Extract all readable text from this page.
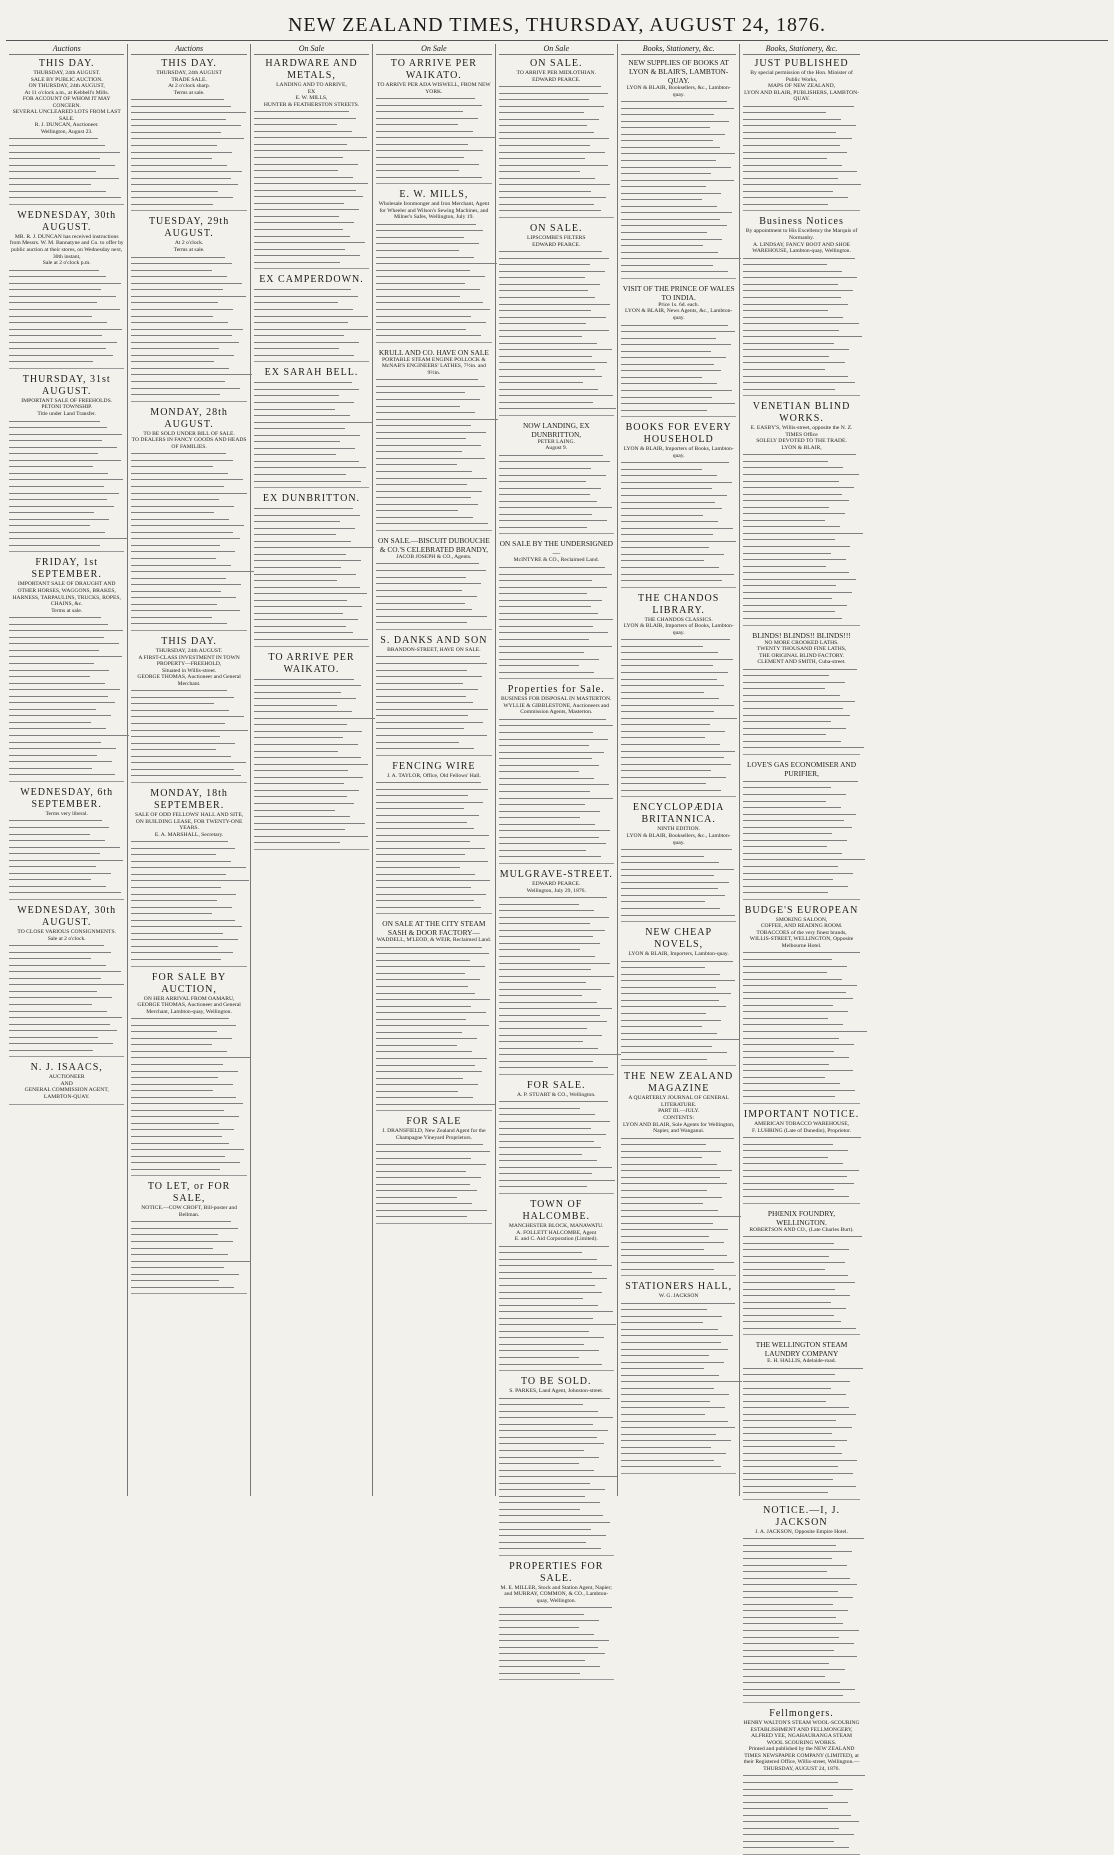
NEW ZEALAND TIMES, THURSDAY, AUGUST 24, 1876.
Auctions
THIS DAY.
THURSDAY, 24th AUGUST.
SALE BY PUBLIC AUCTION.
ON THURSDAY, 24th AUGUST,
At 11 o'clock a.m., at Kebbell's Mills.
FOR ACCOUNT OF WHOM IT MAY CONCERN.
SEVERAL UNCLEARED LOTS FROM LAST SALE.
R. J. DUNCAN, Auctioneer.
Wellington, August 23.
WEDNESDAY, 30th AUGUST.
MR. R. J. DUNCAN has received instructions from Messrs. W. M. Bannatyne and Co. to offer by public auction at their stores, on Wednesday next, 30th instant,
Sale at 2 o'clock p.m.
THURSDAY, 31st AUGUST.
IMPORTANT SALE OF FREEHOLDS.
PETONI TOWNSHIP.
Title under Land Transfer.
FRIDAY, 1st SEPTEMBER.
IMPORTANT SALE OF DRAUGHT AND OTHER HORSES, WAGGONS, BRAKES, HARNESS, TARPAULINS, TRUCKS, ROPES, CHAINS, &c.
Terms at sale.
WEDNESDAY, 6th SEPTEMBER.
Terms very liberal.
WEDNESDAY, 30th AUGUST.
TO CLOSE VARIOUS CONSIGNMENTS.
Sale at 2 o'clock.
N. J. ISAACS,
AUCTIONEER
AND
GENERAL COMMISSION AGENT,
LAMBTON-QUAY.
Auctions
THIS DAY.
THURSDAY, 24th AUGUST
TRADE SALE.
At 2 o'clock sharp.
Terms at sale.
TUESDAY, 29th AUGUST.
At 2 o'clock.
Terms at sale.
MONDAY, 28th AUGUST.
TO BE SOLD UNDER BILL OF SALE.
TO DEALERS IN FANCY GOODS AND HEADS OF FAMILIES.
THIS DAY.
THURSDAY, 24th AUGUST.
A FIRST-CLASS INVESTMENT IN TOWN PROPERTY—FREEHOLD,
Situated in Willis-street.
GEORGE THOMAS, Auctioneer and General Merchant.
MONDAY, 18th SEPTEMBER.
SALE OF ODD FELLOWS' HALL AND SITE, ON BUILDING LEASE, FOR TWENTY-ONE YEARS.
E. A. MARSHALL, Secretary.
FOR SALE BY AUCTION,
ON HER ARRIVAL FROM OAMARU,
GEORGE THOMAS, Auctioneer and General Merchant, Lambton-quay, Wellington.
TO LET, or FOR SALE,
NOTICE.—COW CROFT, Bill-poster and Bellman.
On Sale
HARDWARE AND METALS,
LANDING AND TO ARRIVE,
EX
E. W. MILLS,
HUNTER & FEATHERSTON STREETS.
EX CAMPERDOWN.
EX SARAH BELL.
EX DUNBRITTON.
TO ARRIVE PER WAIKATO.
On Sale
TO ARRIVE PER WAIKATO.
TO ARRIVE PER ADA WISWELL, FROM NEW YORK.
E. W. MILLS,
Wholesale Ironmonger and Iron Merchant, Agent for Wheeler and Wilson's Sewing Machines, and Milner's Safes, Wellington, July 19.
KRULL AND CO. HAVE ON SALE
PORTABLE STEAM ENGINE POLLOCK & McNAB'S ENGINEERS' LATHES, 7½in. and 9½in.
ON SALE.—BISCUIT DUBOUCHE & CO.'S CELEBRATED BRANDY,
JACOB JOSEPH & CO., Agents.
S. DANKS AND SON
BRANDON-STREET, HAVE ON SALE.
FENCING WIRE
J. A. TAYLOR, Office, Old Fellows' Hall.
ON SALE AT THE CITY STEAM SASH & DOOR FACTORY—
WADDELL, M'LEOD, & WEIR, Reclaimed Land.
FOR SALE
J. DRANSFIELD, New Zealand Agent for the Champagne Vineyard Proprietors.
On Sale
ON SALE.
TO ARRIVE PER MIDLOTHIAN.
EDWARD PEARCE.
ON SALE.
LIPSCOMBE'S FILTERS
EDWARD PEARCE.
NOW LANDING, EX DUNBRITTON,
PETER LAING.
August 9.
ON SALE BY THE UNDERSIGNED—
McINTYRE & CO., Reclaimed Land.
Properties for Sale.
BUSINESS FOR DISPOSAL IN MASTERTON.
WYLLIE & GIBBLESTONE, Auctioneers and Commission Agents, Masterton.
MULGRAVE-STREET.
EDWARD PEARCE.
Wellington, July 29, 1876.
FOR SALE.
A. P. STUART & CO., Wellington.
TOWN OF HALCOMBE.
MANCHESTER BLOCK, MANAWATU.
A. FOLLETT HALCOMBE, Agent
E. and C. Aid Corporation (Limited).
TO BE SOLD.
S. PARKES, Land Agent, Johnston-street.
PROPERTIES FOR SALE.
M. E. MILLER, Stock and Station Agent, Napier; and MURRAY, COMMON, & CO., Lambton-quay, Wellington.
Books, Stationery, &c.
NEW SUPPLIES OF BOOKS AT LYON & BLAIR'S, LAMBTON-QUAY.
LYON & BLAIR, Booksellers, &c., Lambton-quay.
VISIT OF THE PRINCE OF WALES TO INDIA.
Price 1s. 6d. each.
LYON & BLAIR, News Agents, &c., Lambton-quay.
BOOKS FOR EVERY HOUSEHOLD
LYON & BLAIR, Importers of Books, Lambton-quay.
THE CHANDOS LIBRARY.
THE CHANDOS CLASSICS.
LYON & BLAIR, Importers of Books, Lambton-quay.
ENCYCLOPÆDIA BRITANNICA.
NINTH EDITION.
LYON & BLAIR, Booksellers, &c., Lambton-quay.
NEW CHEAP NOVELS,
LYON & BLAIR, Importers, Lambton-quay.
THE NEW ZEALAND MAGAZINE
A QUARTERLY JOURNAL OF GENERAL LITERATURE.
PART III.—JULY.
CONTENTS:
LYON AND BLAIR, Sole Agents for Wellington, Napier, and Wanganui.
STATIONERS HALL,
W. G. JACKSON
Books, Stationery, &c.
JUST PUBLISHED
By special permission of the Hon. Minister of Public Works,
MAPS OF NEW ZEALAND,
LYON AND BLAIR, PUBLISHERS, LAMBTON-QUAY.
Business Notices
By appointment to His Excellency the Marquis of Normanby.
A. LINDSAY, FANCY BOOT AND SHOE WAREHOUSE, Lambton-quay, Wellington.
VENETIAN BLIND WORKS.
E. EASBY'S, Willis-street, opposite the N. Z. TIMES Office
SOLELY DEVOTED TO THE TRADE.
LYON & BLAIR,
BLINDS! BLINDS!! BLINDS!!!
NO MORE CROOKED LATHS.
TWENTY THOUSAND FINE LATHS,
THE ORIGINAL BLIND FACTORY.
CLEMENT AND SMITH, Cuba-street.
LOVE'S GAS ECONOMISER AND PURIFIER,
BUDGE'S EUROPEAN
SMOKING SALOON,
COFFEE, AND READING ROOM.
TOBACCOES of the very finest brands,
WILLIS-STREET, WELLINGTON, Opposite Melbourne Hotel.
IMPORTANT NOTICE.
AMERICAN TOBACCO WAREHOUSE,
F. LUHRING (Late of Dunedin), Proprietor.
PHŒNIX FOUNDRY, WELLINGTON.
ROBERTSON AND CO., (Late Charles Burt).
THE WELLINGTON STEAM LAUNDRY COMPANY
E. H. HALLIS, Adelaide-road.
NOTICE.—I, J. JACKSON
J. A. JACKSON, Opposite Empire Hotel.
Fellmongers.
HENRY WALTON'S STEAM WOOL-SCOURING ESTABLISHMENT AND FELLMONGERY,
ALFRED YEE, NGAHAURANGA STEAM WOOL SCOURING WORKS.
Printed and published by the NEW ZEALAND TIMES NEWSPAPER COMPANY (LIMITED), at their Registered Office, Willis-street, Wellington.—THURSDAY, AUGUST 24, 1876.
